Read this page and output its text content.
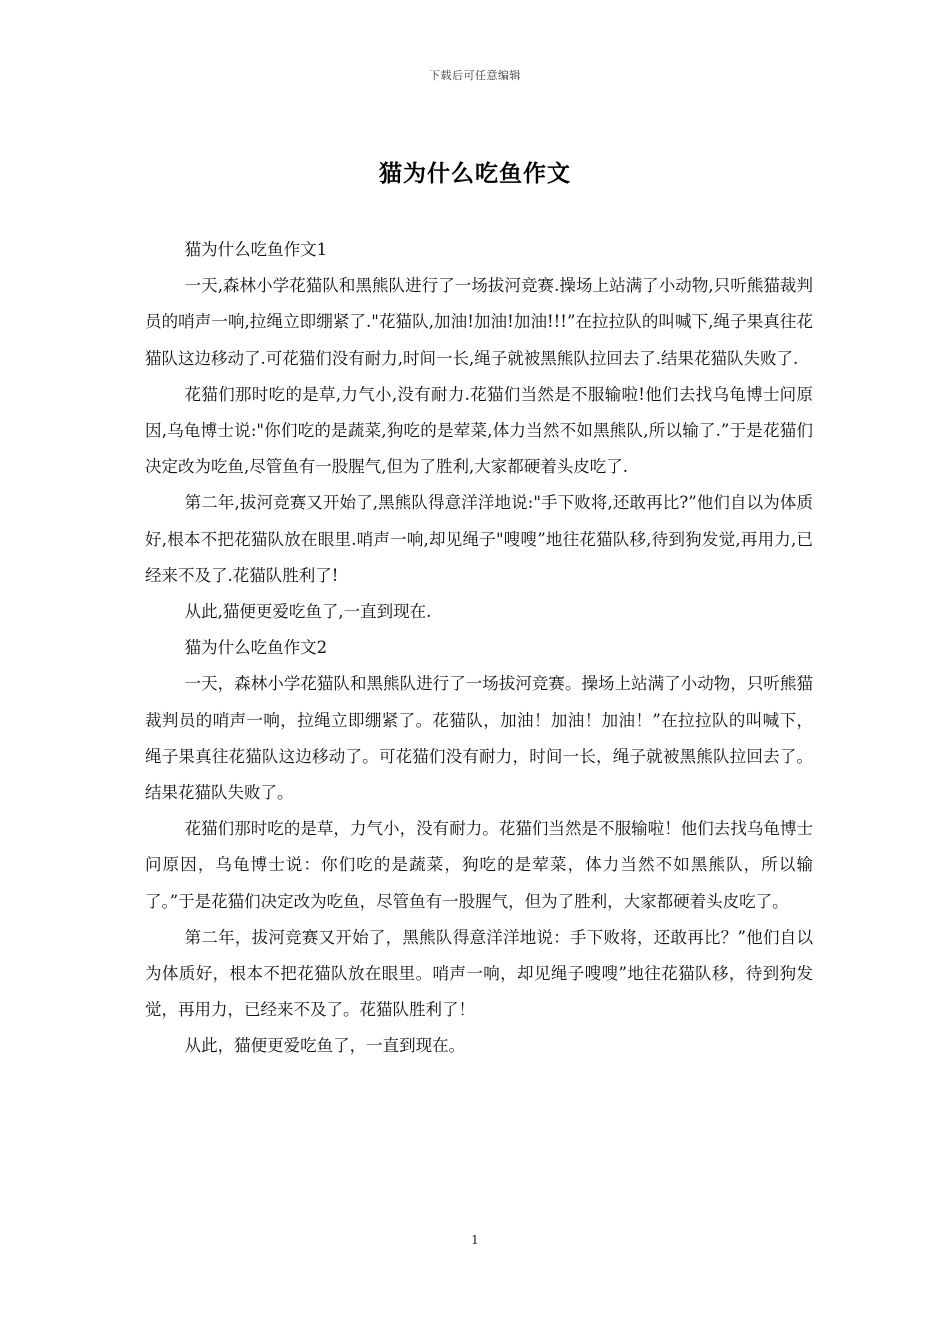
下载后可任意编辑
猫为什么吃鱼作文

猫为什么吃鱼作文1

一天,森林小学花猫队和黑熊队进行了一场拔河竞赛.操场上站满了小动物,只听熊猫裁判员的哨声一响,拉绳立即绷紧了."花猫队,加油!加油!加油!!!”在拉拉队的叫喊下,绳子果真往花猫队这边移动了.可花猫们没有耐力,时间一长,绳子就被黑熊队拉回去了.结果花猫队失败了.

花猫们那时吃的是草,力气小,没有耐力.花猫们当然是不服输啦!他们去找乌龟博士问原因,乌龟博士说:"你们吃的是蔬菜,狗吃的是荤菜,体力当然不如黑熊队,所以输了.”于是花猫们决定改为吃鱼,尽管鱼有一股腥气,但为了胜利,大家都硬着头皮吃了.

第二年,拔河竞赛又开始了,黑熊队得意洋洋地说:"手下败将,还敢再比?”他们自以为体质好,根本不把花猫队放在眼里.哨声一响,却见绳子"嗖嗖”地往花猫队移,待到狗发觉,再用力,已经来不及了.花猫队胜利了!

从此,猫便更爱吃鱼了,一直到现在.

猫为什么吃鱼作文2

一天，森林小学花猫队和黑熊队进行了一场拔河竞赛。操场上站满了小动物，只听熊猫裁判员的哨声一响，拉绳立即绷紧了。花猫队，加油！加油！加油！”在拉拉队的叫喊下，绳子果真往花猫队这边移动了。可花猫们没有耐力，时间一长，绳子就被黑熊队拉回去了。结果花猫队失败了。

花猫们那时吃的是草，力气小，没有耐力。花猫们当然是不服输啦！他们去找乌龟博士问原因，乌龟博士说：你们吃的是蔬菜，狗吃的是荤菜，体力当然不如黑熊队，所以输了。”于是花猫们决定改为吃鱼，尽管鱼有一股腥气，但为了胜利，大家都硬着头皮吃了。

第二年，拔河竞赛又开始了，黑熊队得意洋洋地说：手下败将，还敢再比？”他们自以为体质好，根本不把花猫队放在眼里。哨声一响，却见绳子嗖嗖”地往花猫队移，待到狗发觉，再用力，已经来不及了。花猫队胜利了！

从此，猫便更爱吃鱼了，一直到现在。

1
